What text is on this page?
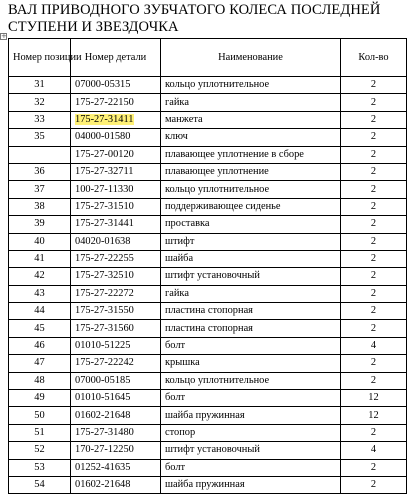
ВАЛ ПРИВОДНОГО ЗУБЧАТОГО КОЛЕСА ПОСЛЕДНЕЙ СТУПЕНИ И ЗВЕЗДОЧКА
+
Номер позиции	Номер детали	Наименование	Кол-во
31	07000-05315	кольцо уплотнительное	2
32	175-27-22150	гайка	2
33	175-27-31411	манжета	2
35	04000-01580	ключ	2
	175-27-00120	плавающее уплотнение в сборе	2
36	175-27-32711	плавающее уплотнение	2
37	100-27-11330	кольцо уплотнительное	2
38	175-27-31510	поддерживающее сиденье	2
39	175-27-31441	проставка	2
40	04020-01638	штифт	2
41	175-27-22255	шайба	2
42	175-27-32510	штифт установочный	2
43	175-27-22272	гайка	2
44	175-27-31550	пластина стопорная	2
45	175-27-31560	пластина стопорная	2
46	01010-51225	болт	4
47	175-27-22242	крышка	2
48	07000-05185	кольцо уплотнительное	2
49	01010-51645	болт	12
50	01602-21648	шайба пружинная	12
51	175-27-31480	стопор	2
52	170-27-12250	штифт установочный	4
53	01252-41635	болт	2
54	01602-21648	шайба пружинная	2
